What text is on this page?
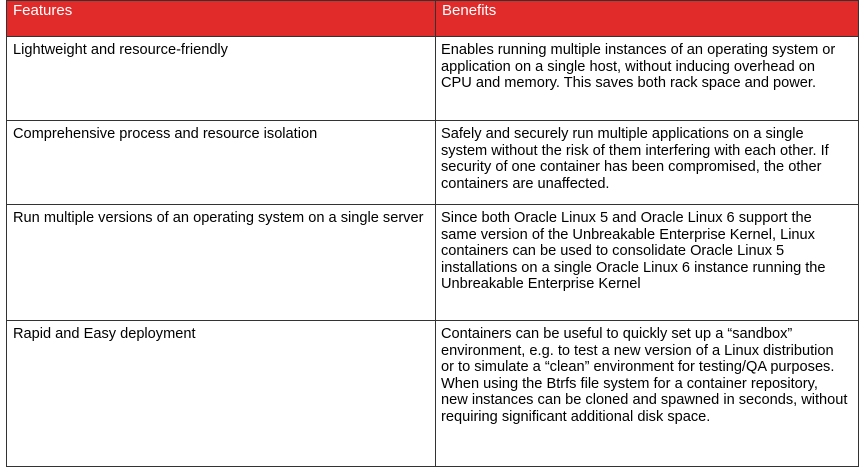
Features	Benefits

Lightweight and resource-friendly	Enables running multiple instances of an operating system or application on a single host, without inducing overhead on CPU and memory. This saves both rack space and power.

Comprehensive process and resource isolation	Safely and securely run multiple applications on a single system without the risk of them interfering with each other. If security of one container has been compromised, the other containers are unaffected.

Run multiple versions of an operating system on a single server	Since both Oracle Linux 5 and Oracle Linux 6 support the same version of the Unbreakable Enterprise Kernel, Linux containers can be used to consolidate Oracle Linux 5 installations on a single Oracle Linux 6 instance running the Unbreakable Enterprise Kernel

Rapid and Easy deployment	Containers can be useful to quickly set up a “sandbox” environment, e.g. to test a new version of a Linux distribution or to simulate a “clean” environment for testing/QA purposes. When using the Btrfs file system for a container repository, new instances can be cloned and spawned in seconds, without requiring significant additional disk space.
